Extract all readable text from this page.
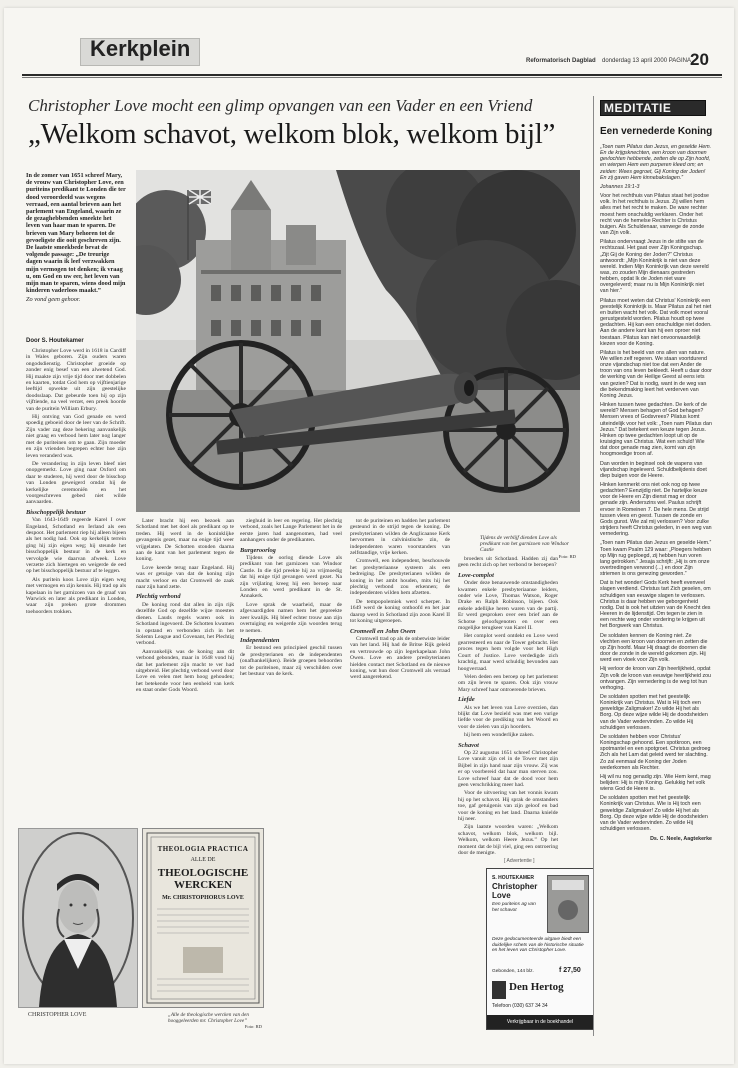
Kerkplein	Reformatorisch Dagblad donderdag 13 april 2000 PAGINA 20
Christopher Love mocht een glimp opvangen van een Vader en een Vriend
„Welkom schavot, welkom blok, welkom bijl”
In de zomer van 1651 schreef Mary, de vrouw van Christopher Love, een puriteins predikant te Londen die ter dood veroordeeld was wegens verraad, een aantal brieven aan het parlement van Engeland, waarin ze de gezaghebbenden smeekte het leven van haar man te sparen. De brieven van Mary behoren tot de gevoeligste die ooit geschreven zijn. De laatste smeekbede bevat de volgende passage: „De treurige dagen waarin ik leef verzwakken mijn vermogen tot denken; ik vraag u, om God en uw eer, het leven van mijn man te sparen, wiens dood mijn kinderen vaderloos maakt.”
Zo vond geen gehoor.
Door S. Houtekamer

Christopher Love werd in 1618 in Cardiff in Wales geboren. Zijn ouders waren ongodsdienstig. Christopher groeide op zonder enig besef van een alwetend God. Hij maakte zijn vrije tijd door met dobbelen en kaarten, totdat God hem op vijftienjarige leeftijd opwekte uit zijn geestelijke doodsslaap. Dat gebeurde toen hij op zijn vijftiende, na veel verzet, een preek hoorde van de puritein William Erbury.

Hij ontving van God genade en werd spoedig geboeid door de leer van de Schrift. Zijn vader zag deze bekering aanvankelijk niet graag en verbood hem later nog langer met de puriteinen om te gaan. Zijn moeder en zijn vrienden begrepen echter hoe zijn leven veranderd was.

De verandering in zijn leven bleef niet onopgemerkt. Love ging naar Oxford om daar te studeren, hij werd door de bisschop van Londen geweigerd omdat hij de kerkelijke ceremoniën en het voorgeschreven gebed niet wilde aanvaarden.

Bisschoppelijk bestuur

Van 1643-1649 regeerde Karel I over Engeland, Schotland en Ierland als een despoot. Het parlement riep hij alleen bijeen als het nodig had. Ook op kerkelijk terrein ging hij zijn eigen weg; hij steunde het bisschoppelijk bestuur in de kerk en vervolgde wie daarvan afweek. Love verzette zich hiertegen en weigerde de eed op het bisschoppelijk bestuur af te leggen.

Als puritein koos Love zijn eigen weg met vermogen en zijn kennis. Hij trad op als kapelaan in het garnizoen van de graaf van Warwick en later als predikant in Londen, waar zijn preken grote drommen toehoorders trokken.

Later bracht hij een bezoek aan Schotland met het doel als predikant op te treden. Hij werd in de koninklijke gevangenis gezet, maar na enige tijd weer vrijgelaten. De Schotten stonden daarna aan de kant van het parlement tegen de koning.

Love keerde terug naar Engeland. Hij was er getuige van dat de koning zijn macht verloor en dat Cromwell de zaak naar zijn hand zette.

Plechtig verbond

De koning rond dat allen in zijn rijk dezelfde God op dezelfde wijze moesten dienen. Lauds regels waren ook in Schotland ingevoerd. De Schotten kwamen in opstand en verbonden zich in het Solemn League and Covenant, het Plechtig verbond.

Aanvankelijk was de koning aan dit verbond gebonden, maar in 1648 vond hij dat het parlement zijn macht te ver had uitgebreid. Het plechtig verbond werd door Love en velen met hem hoog gehouden; het betekende voor hen eenheid van kerk en staat onder Gods Woord.

zieghuid in leer en regering. Het plechtig verbond, zoals het Lange Parlement het in de eerste jaren had aangenomen, had veel aanhangers onder de predikanten.

Burgeroorlog

Tijdens de oorlog diende Love als predikant van het garnizoen van Windsor Castle. In die tijd preekte hij zo vrijmoedig dat hij enige tijd gevangen werd gezet. Na zijn vrijlating kreeg hij een beroep naar Londen en werd predikant in de St. Annakerk.

Love sprak de waarheid, maar de afgevaardigden namen hem het gepreekte zeer kwalijk. Hij bleef echter trouw aan zijn overtuiging en weigerde zijn woorden terug te nemen.

Independenten

Er bestond een principieel geschil tussen de presbyterianen en de independenten (onafhankelijken). Beide groepen behoorden tot de puriteinen, maar zij verschilden over het bestuur van de kerk.

tot de puriteinen en hadden het parlement gesteund in de strijd tegen de koning. De presbyterianen wilden de Anglicaanse Kerk hervormen in calvinistische zin, de independenten waren voorstanders van zelfstandige, vrije kerken.

Cromwell, een independent, beschouwde het presbyteriaanse systeem als een bedreiging. De presbyterianen wilden de koning in het ambt houden, mits hij het plechtig verbond zou erkennen; de independenten wilden hem afzetten.

De tempopolemiek werd scherper. In 1649 werd de koning onthoofd en het jaar daarop werd in Schotland zijn zoon Karel II tot koning uitgeroepen.

Cromwell en John Owen

Cromwell trad op als de onbetwiste leider van het land. Hij had de Britse Rijk geleid en vertrouwde op zijn legerkapelaan John Owen. Love en andere presbyterianen hielden contact met Schotland en de nieuwe koning, wat hun door Cromwell als verraad werd aangerekend.

broeders uit Schotland. Hadden zij dan geen recht zich op het verbond te beroepen?

Love-complot

Onder deze benauwende omstandigheden kwamen enkele presbyteriaanse leiders, onder wie Love, Thomas Watson, Roger Drake en Ralph Robinson, bijeen. Ook enkele adellijke heren waren van de partij. Er werd gesproken over een brief aan de Schotse geloofsgenoten en over een mogelijke terugkeer van Karel II.

Het complot werd ontdekt en Love werd gearresteerd en naar de Tower gebracht. Het proces tegen hem volgde voor het High Court of Justice. Love verdedigde zich krachtig, maar werd schuldig bevonden aan hoogverraad.

Velen deden een beroep op het parlement om zijn leven te sparen. Ook zijn vrouw Mary schreef haar ontroerende brieven.

Liefde

Als we het leven van Love overzien, dan blijkt dat Love bezield was met een vurige liefde voor de prediking van het Woord en voor de zielen van zijn hoorders.

hij hem een wonderlijke zaken.

Schavot

Op 22 augustus 1651 schreef Christopher Love vanuit zijn cel in de Tower met zijn Bijbel in zijn hand naar zijn vrouw. Zij was er op voorbereid dat haar man sterven zou. Love schreef haar dat de dood voor hem geen verschrikking meer had.

Voor de uitvoering van het vonnis kwam hij op het schavot. Hij sprak de omstanders toe, gaf getuigenis van zijn geloof en bad voor de koning en het land. Daarna knielde hij neer.

Zijn laatste woorden waren: „Welkom schavot, welkom blok, welkom bijl. Welkom, welkom Heere Jezus.” Op het moment dat de bijl viel, ging een ontroering door de menigte.

Tijdens de verblijf dienden Love als predikant van het garnizoen van Windsor Castle
Foto: RD
CHRISTOPHER LOVE
THEOLOGIA PRACTICA
ALLE DE
THEOLOGISCHE WERCKEN
Mr. CHRISTOPHORUS LOVE
„Alle de theologische wercken van den hooggeleerden mr. Christopher Love”
Foto: RD
[ Advertentie ]
S. HOUTEKAMER
Christopher Love
Een puriteins ag van het schavot
Deze gedocumenteerde uitgave biedt een duidelijke schets van de historische situatie en het leven van Christopher Love.
Gebonden, 144 blz.	f 27,50
Den Hertog
Telefoon (030) 637 34 34
Verkrijgbaar in de boekhandel
MEDITATIE
Een vernederde Koning

„Toen nam Pilatus dan Jezus, en geselde Hem. En de krijgsknechten, een kroon van doornen gevlochten hebbende, zetten die op Zijn hoofd, en wierpen Hem een purperen kleed om; en zeiden: Wees gegroet, Gij Koning der Joden! En zij gaven Hem kinnebakslagen.”

Johannes 19:1-3

Voor het rechthuis van Pilatus staat het joodse volk. In het rechthuis is Jezus. Zij willen hem alles met het recht te maken. De ware rechter moest hem onschuldig verklaren. Onder het recht van de hemelse Rechter is Christus buigen. Als Schuldenaar, vanwege de zonde van Zijn volk.

Pilatus ondervraagt Jezus in de stilte van de rechtszaal. Het gaat over Zijn Koningschap. „Zijt Gij de Koning der Joden?” Christus antwoordt: „Mijn Koninkrijk is niet van deze wereld. Indien Mijn Koninkrijk van deze wereld was, zo zouden Mijn dienaars gestreden hebben, opdat Ik de Joden niet ware overgeleverd; maar nu is Mijn Koninkrijk niet van hier.”

Pilatus moet weten dat Christus' Koninkrijk een geestelijk Koninkrijk is. Maar Pilatus zal het niet en buiten wacht het volk. Dat volk moet vooral gerustgesteld worden. Pilatus houdt op twee gedachten. Hij kan een onschuldige niet doden. Aan de andere kant kan hij een oproer niet toestaan. Pilatus kan niet onvoorwaardelijk kiezen voor de Koning.

Pilatus is het beeld van ons allen van nature. We willen zelf regeren. We staan voortdurend onze vijandschap niet toe dat een Ander de troon van ons leven bekleedt. Heeft u daar door de werking van de Heilige Geest al eens iets van gezien? Dat is nodig, want in de weg van die bekendmaking leert het verderven van Koning Jezus.

Hinken tussen twee gedachten. De kerk of de wereld? Mensen behagen of God behagen? Mensen vrees of Godsvrees? Pilatus komt uiteindelijk voor het volk: „Toen nam Pilatus dan Jezus.” Dat betekent een keuze tegen Jezus. Hinken op twee gedachten loopt uit op de kruisiging van Christus. Wat een schuld! Wie dat door genade mag zien, komt van zijn hoogmoedige troon af.

Dan worden in beginsel ook de wapens van vijandschap ingeleverd. Schuldbelijdenis doet diep buigen voor de Heere.

Hinken kenmerkt ons niet ook nog op twee gedachten? Eenzijdig niet. De harteljke keuze voor de Heere en Zijn dienst mag er door genade zijn. Anderszins wel. Paulus schrijft ervoer in Romeinen 7. De hele mens. De strijd tussen vlees en geest. Tussen de zonde en Gods gunst. Wie zal mij verlossen? Voor zulke strijders heeft Christus geleden, in een weg van vernedering.

„Toen nam Pilatus dan Jezus en geselde Hem.” Toen kwam Psalm 129 waar: „Ploegers hebben op Mijn rug geploegd, zij hebben hun voren lang getrokken.” Jesaja schrijft: „Hij is om onze overtredingen verwond (...) en door Zijn striemen is ons genezing geworden.”

Dat is het wonder! Gods Kerk heeft evenveel slagen verdiend. Christus tart Zich geselen, om schuldigen van eeuwige slagen te verlossen. Christus is daar hebben we geborgenheid nodig. Dat is ook het uitzien van de Knecht des Heeren in de lijdenstijd. Om tegen te zien in een rechte weg onder vordering te krijgen uit het Borgwerk van Christus.

De soldaten kennen de Koning niet. Ze vlechten een kroon van doornen en zetten die op Zijn hoofd. Maar Hij draagt de doornen die door de zonde in de wereld gekomen zijn. Hij werd een vloek voor Zijn volk.

Hij verloor de kroon van Zijn heerlijkheid, opdat Zijn volk de kroon van eeuwige heerlijkheid zou ontvangen. Zijn vernedering is de weg tot hun verhoging.

De soldaten spotten met het geestelijk Koninkrijk van Christus. Wat is Hij toch een geweldige Zaligmaker! Zo wilde Hij het als Borg. Op deze wijze wilde Hij de doodsheiden van de Vader wedervinden. Zo wilde Hij schuldigen verlossen.

De soldaten hebben voor Christus' Koningschap gehoond. Een spotkroon, een spotmantel en een spotgroet. Christus gedroeg Zich als het Lam dat geleid werd ter slachting. Zo zal eenmaal de Koning der Joden wederkomen als Rechter.

Hij wil nu nog genadig zijn. Wie Hem kent, mag belijden: Hij is mijn Koning. Gelukkig het volk wiens God de Heere is.

De soldaten spotten met het geestelijk Koninkrijk van Christus. Wie is Hij toch een geweldige Zaligmaker! Zo wilde Hij het als Borg. Op deze wijze wilde Hij de doodsheiden van de Vader wedervinden. Zo wilde Hij schuldigen verlossen.

Ds. C. Neele, Aagtekerke
